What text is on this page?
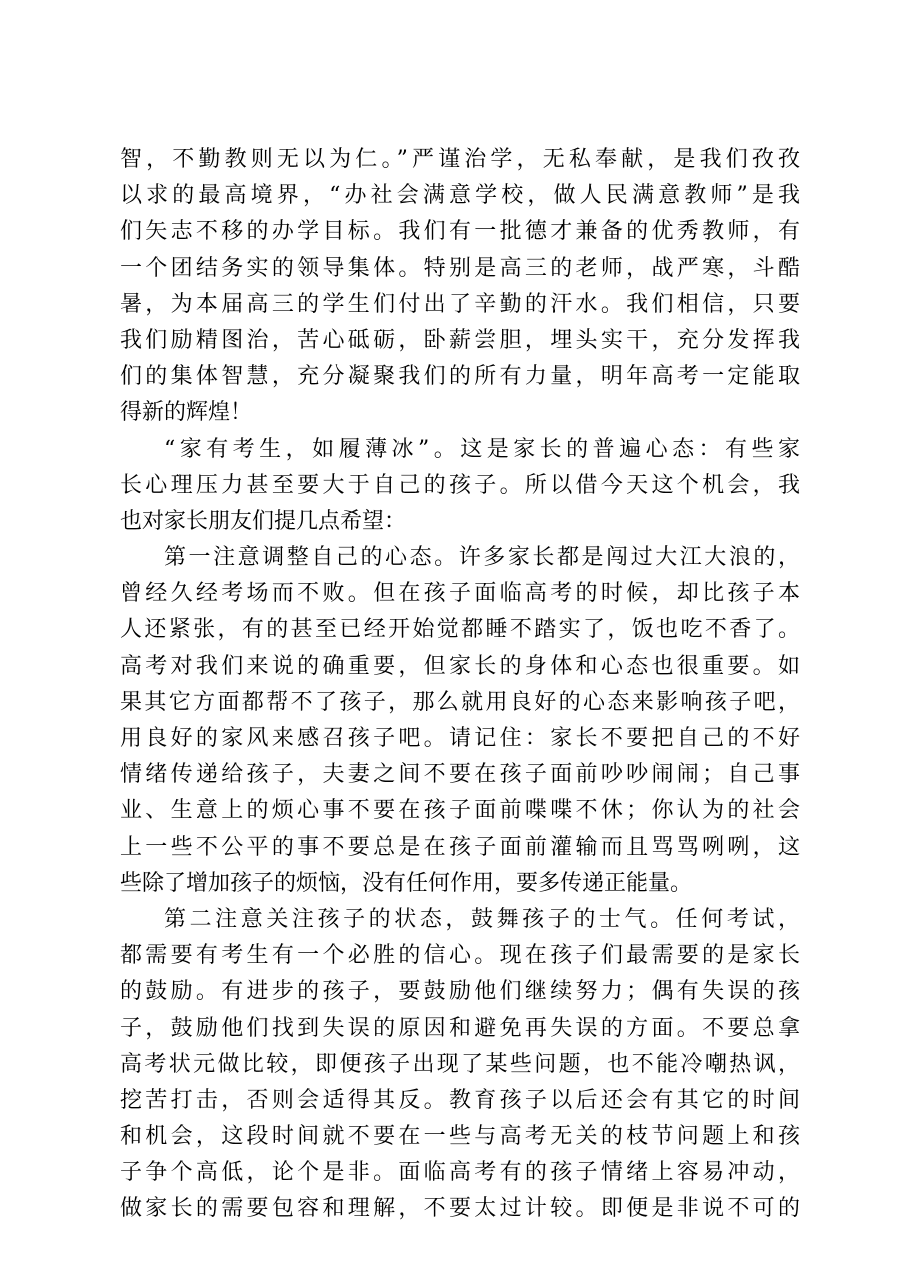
智，不勤教则无以为仁。”严谨治学，无私奉献，是我们孜孜
以求的最高境界，“办社会满意学校，做人民满意教师”是我
们矢志不移的办学目标。我们有一批德才兼备的优秀教师，有
一个团结务实的领导集体。特别是高三的老师，战严寒，斗酷
暑，为本届高三的学生们付出了辛勤的汗水。我们相信，只要
我们励精图治，苦心砥砺，卧薪尝胆，埋头实干，充分发挥我
们的集体智慧，充分凝聚我们的所有力量，明年高考一定能取
得新的辉煌！
“家有考生，如履薄冰”。这是家长的普遍心态：有些家
长心理压力甚至要大于自己的孩子。所以借今天这个机会，我
也对家长朋友们提几点希望：
第一注意调整自己的心态。许多家长都是闯过大江大浪的，
曾经久经考场而不败。但在孩子面临高考的时候，却比孩子本
人还紧张，有的甚至已经开始觉都睡不踏实了，饭也吃不香了。
高考对我们来说的确重要，但家长的身体和心态也很重要。如
果其它方面都帮不了孩子，那么就用良好的心态来影响孩子吧，
用良好的家风来感召孩子吧。请记住：家长不要把自己的不好
情绪传递给孩子，夫妻之间不要在孩子面前吵吵闹闹；自己事
业、生意上的烦心事不要在孩子面前喋喋不休；你认为的社会
上一些不公平的事不要总是在孩子面前灌输而且骂骂咧咧，这
些除了增加孩子的烦恼，没有任何作用，要多传递正能量。
第二注意关注孩子的状态，鼓舞孩子的士气。任何考试，
都需要有考生有一个必胜的信心。现在孩子们最需要的是家长
的鼓励。有进步的孩子，要鼓励他们继续努力；偶有失误的孩
子，鼓励他们找到失误的原因和避免再失误的方面。不要总拿
高考状元做比较，即便孩子出现了某些问题，也不能冷嘲热讽，
挖苦打击，否则会适得其反。教育孩子以后还会有其它的时间
和机会，这段时间就不要在一些与高考无关的枝节问题上和孩
子争个高低，论个是非。面临高考有的孩子情绪上容易冲动，
做家长的需要包容和理解，不要太过计较。即便是非说不可的
